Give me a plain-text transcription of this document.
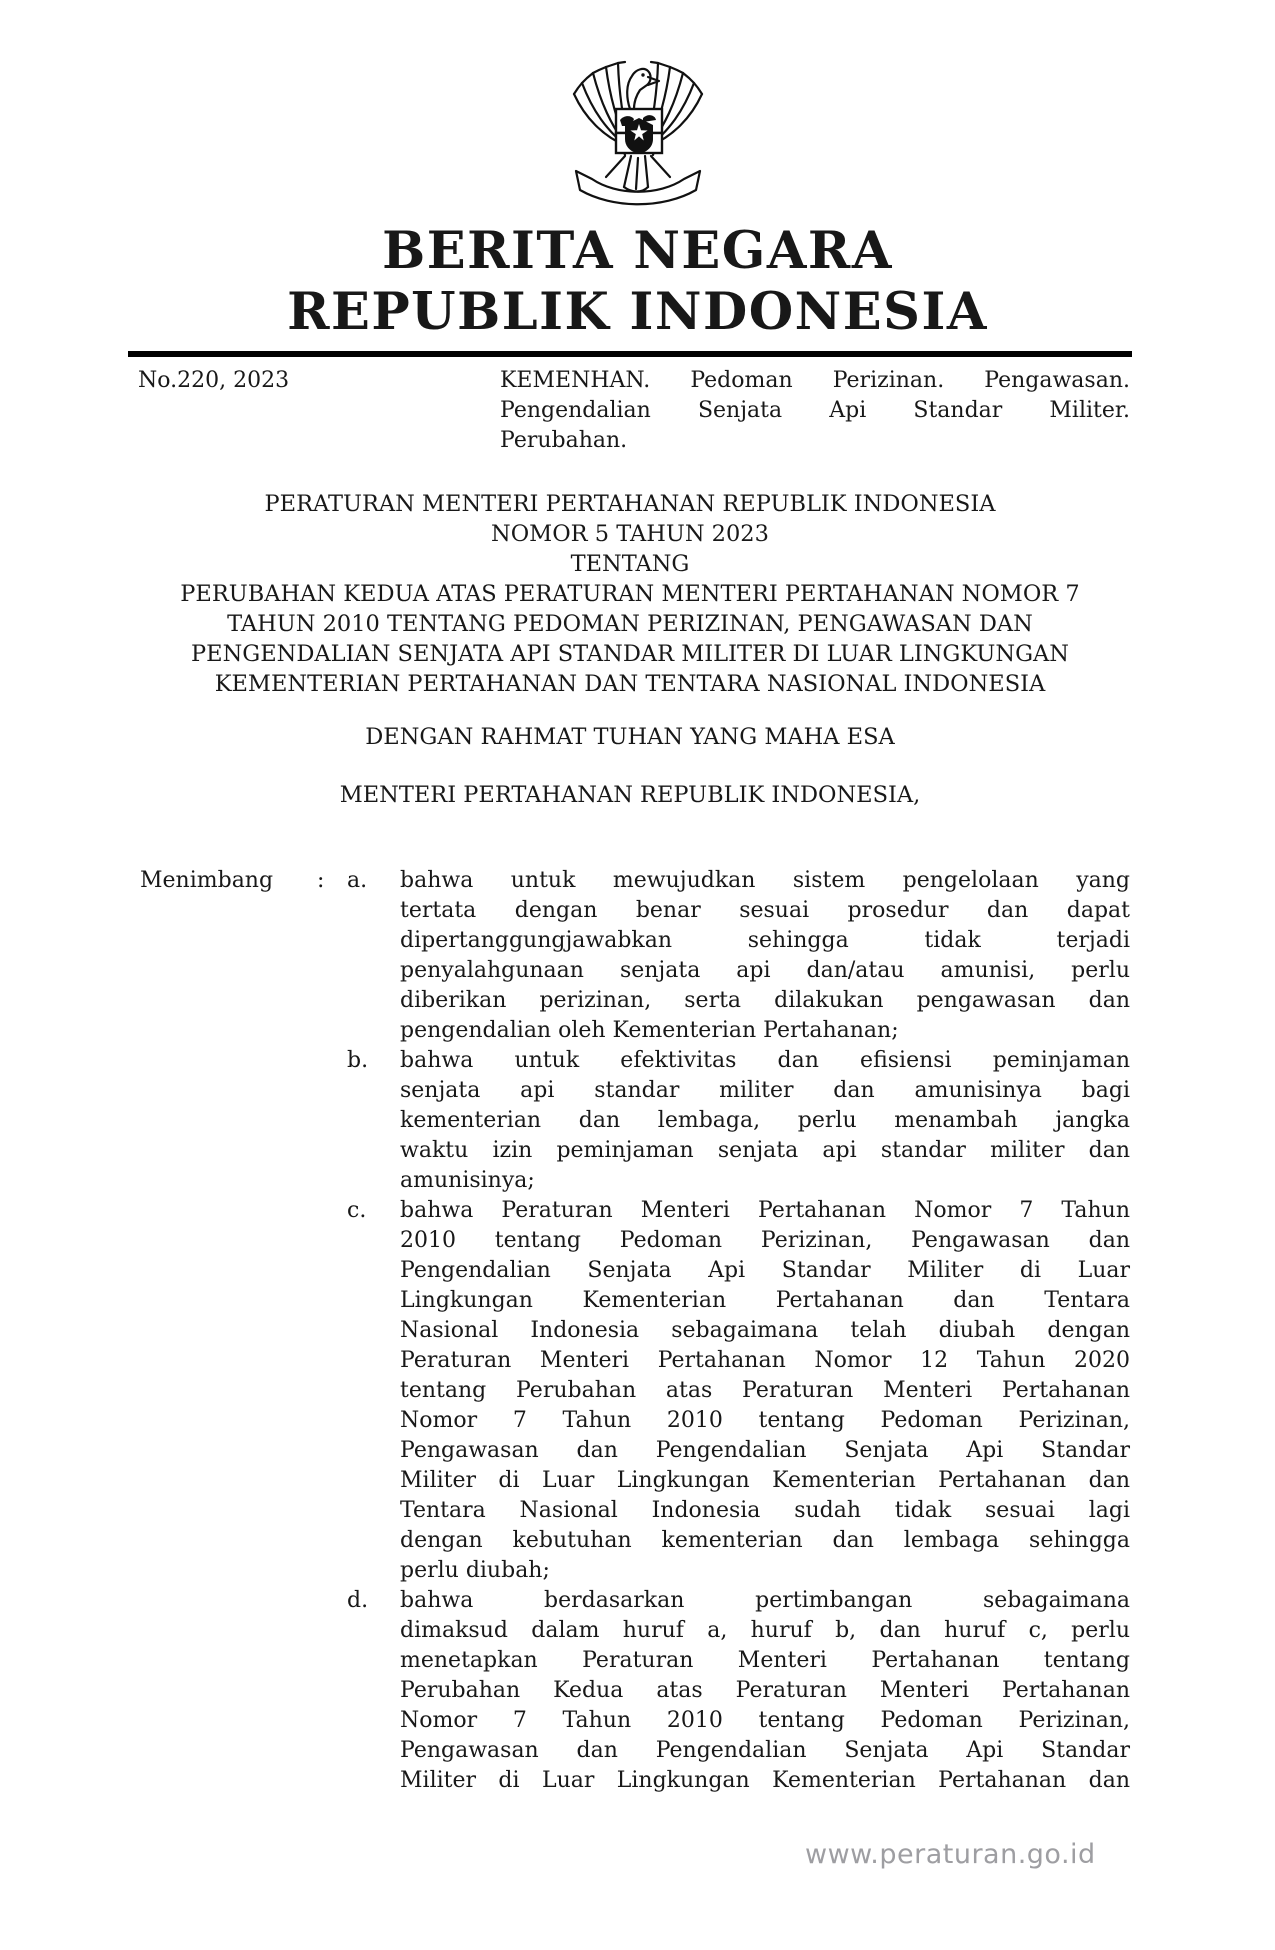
BERITA NEGARA
REPUBLIK INDONESIA
No.220, 2023	KEMENHAN. Pedoman Perizinan. Pengawasan.
Pengendalian Senjata Api Standar Militer.
Perubahan.
PERATURAN MENTERI PERTAHANAN REPUBLIK INDONESIA
NOMOR 5 TAHUN 2023
TENTANG
PERUBAHAN KEDUA ATAS PERATURAN MENTERI PERTAHANAN NOMOR 7
TAHUN 2010 TENTANG PEDOMAN PERIZINAN, PENGAWASAN DAN
PENGENDALIAN SENJATA API STANDAR MILITER DI LUAR LINGKUNGAN
KEMENTERIAN PERTAHANAN DAN TENTARA NASIONAL INDONESIA
DENGAN RAHMAT TUHAN YANG MAHA ESA
MENTERI PERTAHANAN REPUBLIK INDONESIA,
Menimbang	:	a.	bahwa untuk mewujudkan sistem pengelolaan yang
tertata dengan benar sesuai prosedur dan dapat
dipertanggungjawabkan sehingga tidak terjadi
penyalahgunaan senjata api dan/atau amunisi, perlu
diberikan perizinan, serta dilakukan pengawasan dan
pengendalian oleh Kementerian Pertahanan;
b.	bahwa untuk efektivitas dan efisiensi peminjaman
senjata api standar militer dan amunisinya bagi
kementerian dan lembaga, perlu menambah jangka
waktu izin peminjaman senjata api standar militer dan
amunisinya;
c.	bahwa Peraturan Menteri Pertahanan Nomor 7 Tahun
2010 tentang Pedoman Perizinan, Pengawasan dan
Pengendalian Senjata Api Standar Militer di Luar
Lingkungan Kementerian Pertahanan dan Tentara
Nasional Indonesia sebagaimana telah diubah dengan
Peraturan Menteri Pertahanan Nomor 12 Tahun 2020
tentang Perubahan atas Peraturan Menteri Pertahanan
Nomor 7 Tahun 2010 tentang Pedoman Perizinan,
Pengawasan dan Pengendalian Senjata Api Standar
Militer di Luar Lingkungan Kementerian Pertahanan dan
Tentara Nasional Indonesia sudah tidak sesuai lagi
dengan kebutuhan kementerian dan lembaga sehingga
perlu diubah;
d.	bahwa berdasarkan pertimbangan sebagaimana
dimaksud dalam huruf a, huruf b, dan huruf c, perlu
menetapkan Peraturan Menteri Pertahanan tentang
Perubahan Kedua atas Peraturan Menteri Pertahanan
Nomor 7 Tahun 2010 tentang Pedoman Perizinan,
Pengawasan dan Pengendalian Senjata Api Standar
Militer di Luar Lingkungan Kementerian Pertahanan dan
www.peraturan.go.id
